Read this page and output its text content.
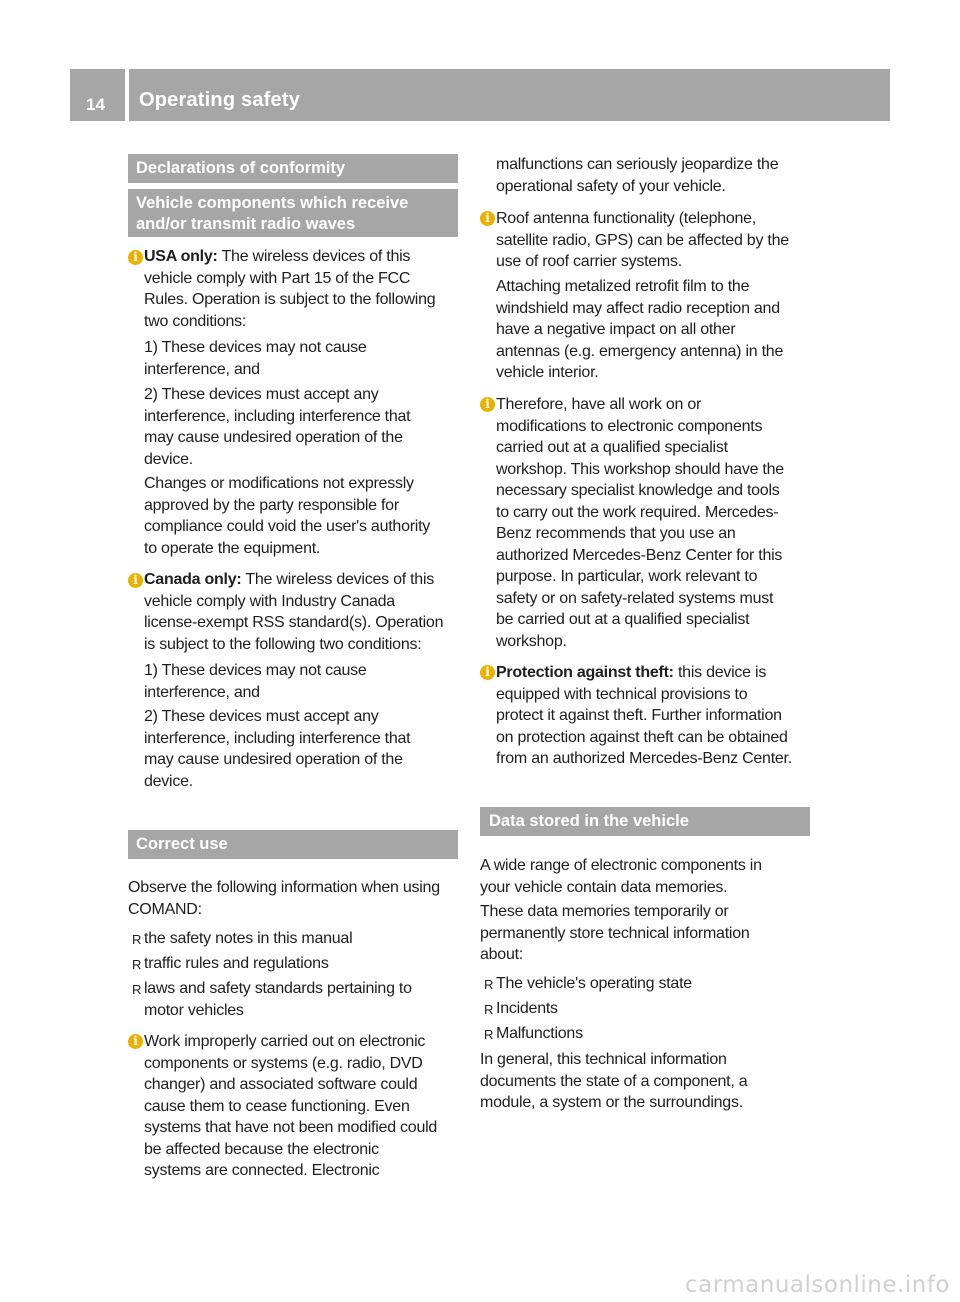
14	Operating safety
Declarations of conformity
Vehicle components which receive and/or transmit radio waves
i USA only: The wireless devices of this
vehicle comply with Part 15 of the FCC
Rules. Operation is subject to the following
two conditions:
1) These devices may not cause
interference, and
2) These devices must accept any
interference, including interference that
may cause undesired operation of the
device.
Changes or modifications not expressly
approved by the party responsible for
compliance could void the user's authority
to operate the equipment.
i Canada only: The wireless devices of this
vehicle comply with Industry Canada
license-exempt RSS standard(s). Operation
is subject to the following two conditions:
1) These devices may not cause
interference, and
2) These devices must accept any
interference, including interference that
may cause undesired operation of the
device.
Correct use
Observe the following information when using
COMAND:
R the safety notes in this manual
R traffic rules and regulations
R laws and safety standards pertaining to
motor vehicles
i Work improperly carried out on electronic
components or systems (e.g. radio, DVD
changer) and associated software could
cause them to cease functioning. Even
systems that have not been modified could
be affected because the electronic
systems are connected. Electronic
malfunctions can seriously jeopardize the
operational safety of your vehicle.
i Roof antenna functionality (telephone,
satellite radio, GPS) can be affected by the
use of roof carrier systems.
Attaching metalized retrofit film to the
windshield may affect radio reception and
have a negative impact on all other
antennas (e.g. emergency antenna) in the
vehicle interior.
i Therefore, have all work on or
modifications to electronic components
carried out at a qualified specialist
workshop. This workshop should have the
necessary specialist knowledge and tools
to carry out the work required. Mercedes-
Benz recommends that you use an
authorized Mercedes-Benz Center for this
purpose. In particular, work relevant to
safety or on safety-related systems must
be carried out at a qualified specialist
workshop.
i Protection against theft: this device is
equipped with technical provisions to
protect it against theft. Further information
on protection against theft can be obtained
from an authorized Mercedes-Benz Center.
Data stored in the vehicle
A wide range of electronic components in
your vehicle contain data memories.
These data memories temporarily or
permanently store technical information
about:
R The vehicle's operating state
R Incidents
R Malfunctions
In general, this technical information
documents the state of a component, a
module, a system or the surroundings.
carmanualsonline.info
